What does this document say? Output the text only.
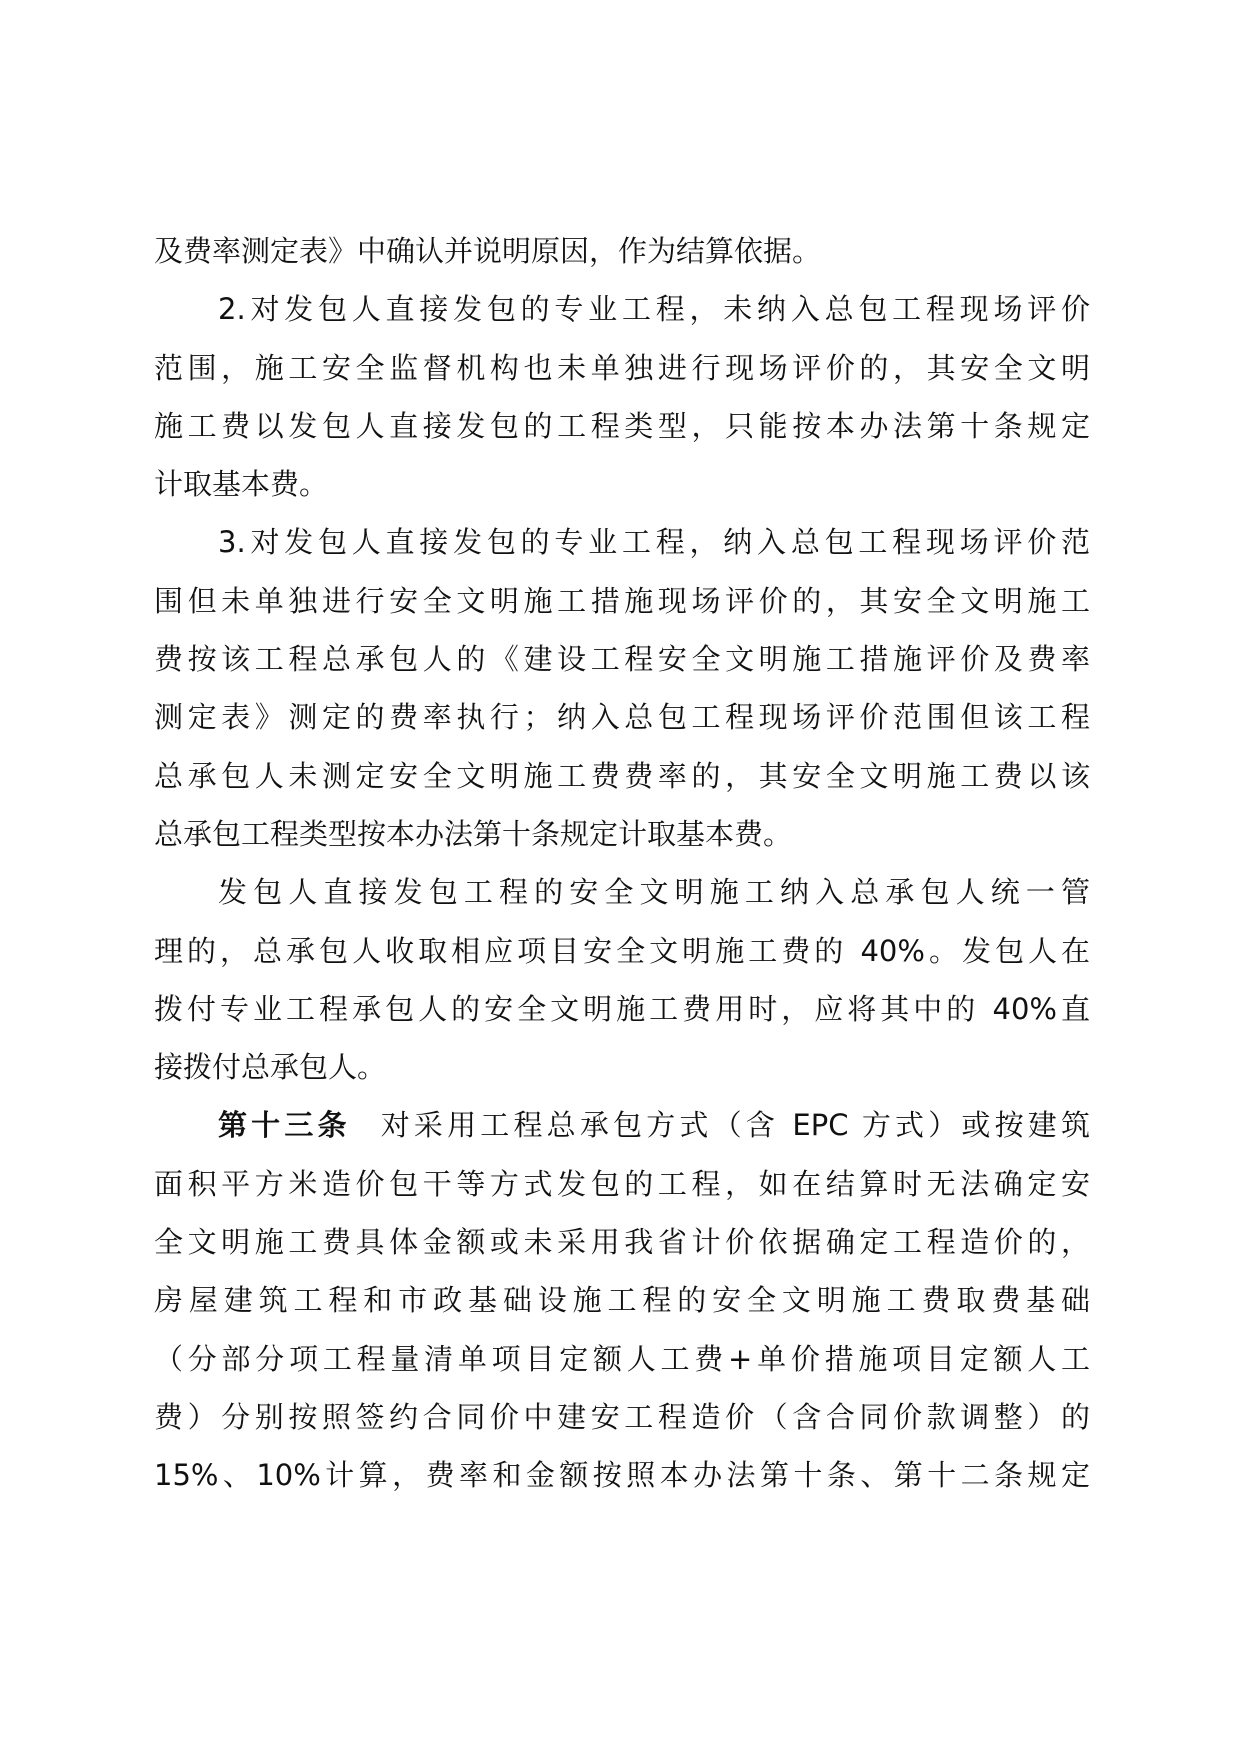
及费率测定表》中确认并说明原因，作为结算依据。
2.对发包人直接发包的专业工程，未纳入总包工程现场评价
范围，施工安全监督机构也未单独进行现场评价的，其安全文明
施工费以发包人直接发包的工程类型，只能按本办法第十条规定
计取基本费。
3.对发包人直接发包的专业工程，纳入总包工程现场评价范
围但未单独进行安全文明施工措施现场评价的，其安全文明施工
费按该工程总承包人的《建设工程安全文明施工措施评价及费率
测定表》测定的费率执行；纳入总包工程现场评价范围但该工程
总承包人未测定安全文明施工费费率的，其安全文明施工费以该
总承包工程类型按本办法第十条规定计取基本费。
发包人直接发包工程的安全文明施工纳入总承包人统一管
理的，总承包人收取相应项目安全文明施工费的 40%。发包人在
拨付专业工程承包人的安全文明施工费用时，应将其中的 40%直
接拨付总承包人。
第十三条 对采用工程总承包方式（含 EPC 方式）或按建筑
面积平方米造价包干等方式发包的工程，如在结算时无法确定安
全文明施工费具体金额或未采用我省计价依据确定工程造价的，
房屋建筑工程和市政基础设施工程的安全文明施工费取费基础
（分部分项工程量清单项目定额人工费+单价措施项目定额人工
费）分别按照签约合同价中建安工程造价（含合同价款调整）的
15%、10%计算，费率和金额按照本办法第十条、第十二条规定
